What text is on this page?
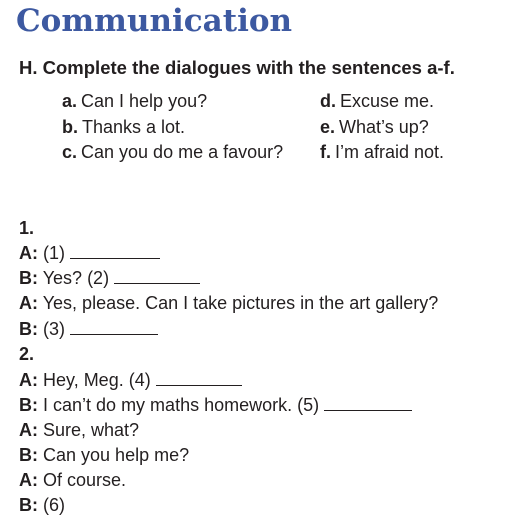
Communication
H. Complete the dialogues with the sentences a-f.
a. Can I help you?
b. Thanks a lot.
c. Can you do me a favour?
d. Excuse me.
e. What’s up?
f. I’m afraid not.
1.
A: (1)
B: Yes? (2)
A: Yes, please. Can I take pictures in the art gallery?
B: (3)
2.
A: Hey, Meg. (4)
B: I can’t do my maths homework. (5)
A: Sure, what?
B: Can you help me?
A: Of course.
B: (6)
